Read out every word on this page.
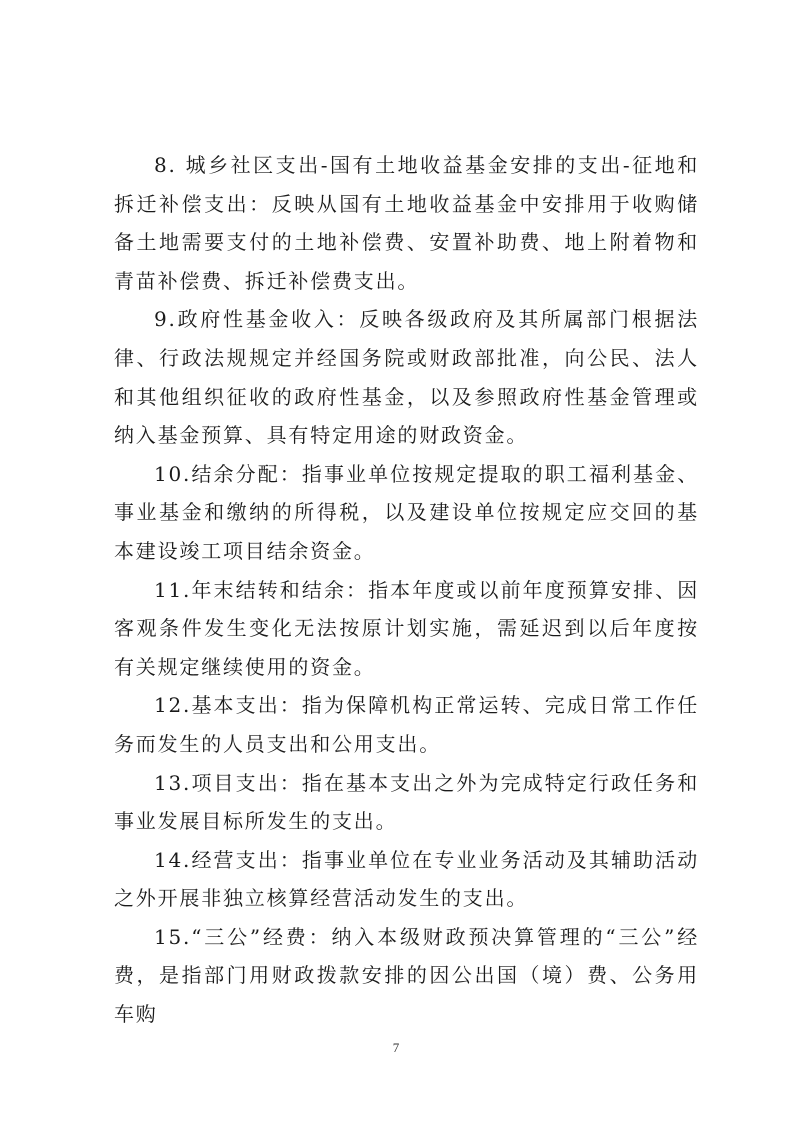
8. 城乡社区支出-国有土地收益基金安排的支出-征地和拆迁补偿支出：反映从国有土地收益基金中安排用于收购储备土地需要支付的土地补偿费、安置补助费、地上附着物和青苗补偿费、拆迁补偿费支出。

9.政府性基金收入：反映各级政府及其所属部门根据法律、行政法规规定并经国务院或财政部批准，向公民、法人和其他组织征收的政府性基金，以及参照政府性基金管理或纳入基金预算、具有特定用途的财政资金。

10.结余分配：指事业单位按规定提取的职工福利基金、事业基金和缴纳的所得税，以及建设单位按规定应交回的基本建设竣工项目结余资金。

11.年末结转和结余：指本年度或以前年度预算安排、因客观条件发生变化无法按原计划实施，需延迟到以后年度按有关规定继续使用的资金。

12.基本支出：指为保障机构正常运转、完成日常工作任务而发生的人员支出和公用支出。

13.项目支出：指在基本支出之外为完成特定行政任务和事业发展目标所发生的支出。

14.经营支出：指事业单位在专业业务活动及其辅助活动之外开展非独立核算经营活动发生的支出。

15.“三公”经费：纳入本级财政预决算管理的“三公”经费，是指部门用财政拨款安排的因公出国（境）费、公务用车购

7
